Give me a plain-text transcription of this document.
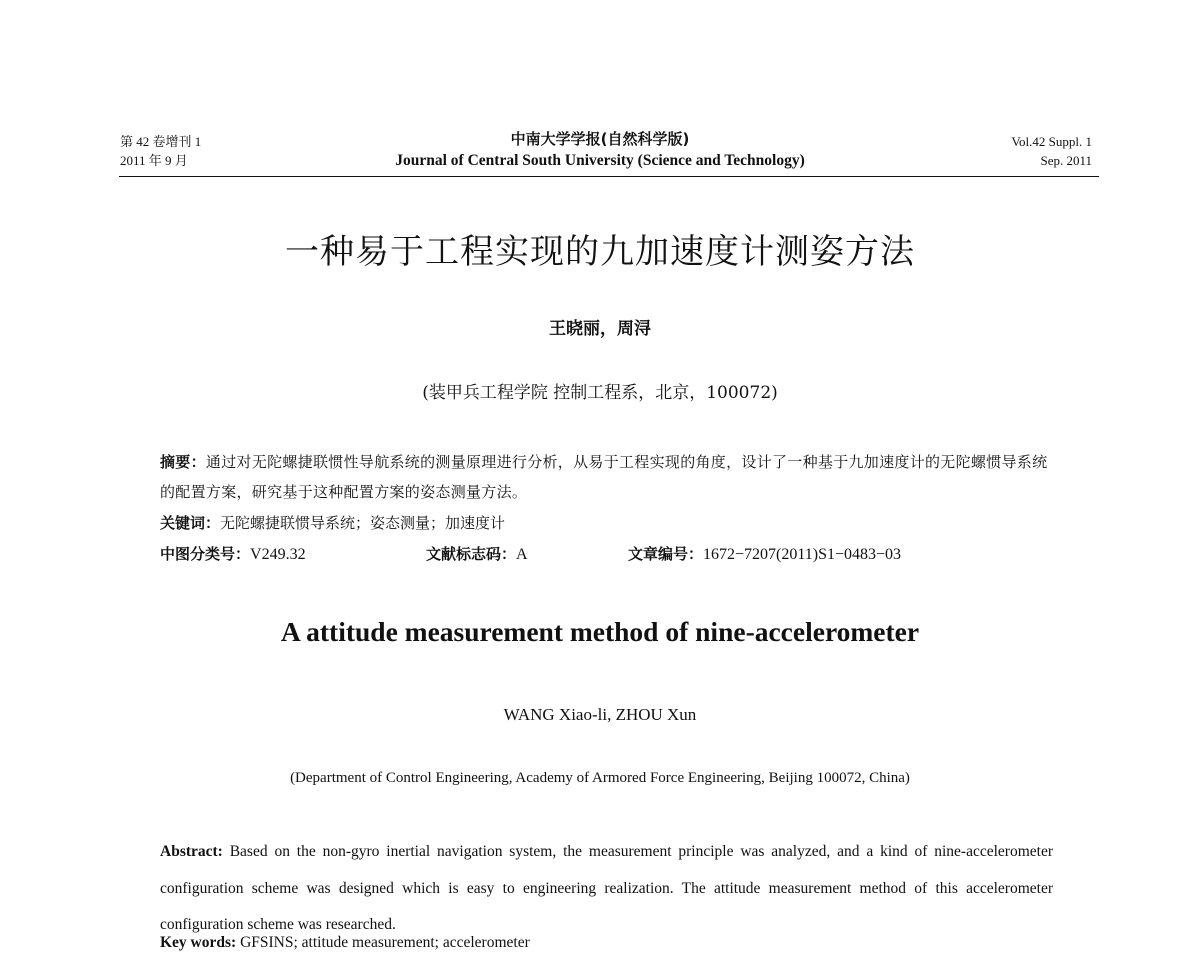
第 42 卷增刊 1
2011 年 9 月
中南大学学报(自然科学版)
Journal of Central South University (Science and Technology)
Vol.42 Suppl. 1
Sep. 2011
一种易于工程实现的九加速度计测姿方法
王晓丽，周浔
(装甲兵工程学院 控制工程系，北京，100072)
摘要：通过对无陀螺捷联惯性导航系统的测量原理进行分析，从易于工程实现的角度，设计了一种基于九加速度计的无陀螺惯导系统的配置方案，研究基于这种配置方案的姿态测量方法。
关键词：无陀螺捷联惯导系统；姿态测量；加速度计
中图分类号：V249.32	文献标志码：A	文章编号：1672−7207(2011)S1−0483−03
A attitude measurement method of nine-accelerometer
WANG Xiao-li, ZHOU Xun
(Department of Control Engineering, Academy of Armored Force Engineering, Beijing 100072, China)
Abstract: Based on the non-gyro inertial navigation system, the measurement principle was analyzed, and a kind of nine-accelerometer configuration scheme was designed which is easy to engineering realization. The attitude measurement method of this accelerometer configuration scheme was researched.
Key words: GFSINS; attitude measurement; accelerometer
